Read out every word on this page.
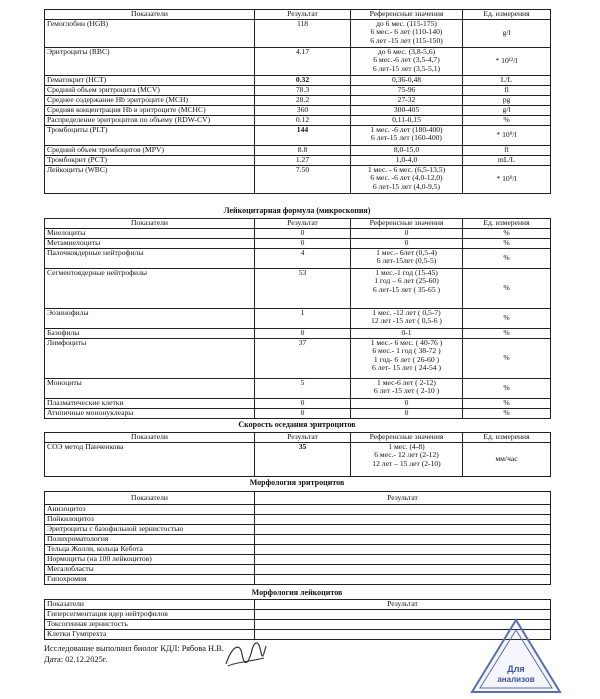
Показатели	Результат	Референсные значения	Ед. измерения
Гемоглобин (HGB)	118	до 6 мес. (115-175)
6 мес.- 6 лет (110-140)
6 лет -15 лет (115-150)	g/l
Эритроциты (RBC)	4.17	до 6 мес. (3,8-5,6)
6 мес.-6 лет (3,5-4,7)
6 лет-15 лет (3,5-5,1)	* 10¹²/l
Гематокрит (HCT)	0.32	0,36-0,48	L/L
Средний объем эритроцита (MCV)	78.3	75-96	fl
Среднее содержание Hb эритроците (MCH)	28.2	27-32	pg
Средняя концентрация Hb в эритроците (MCHC)	360	300-405	g/l
Распределение эритроцитов по объему (RDW-CV)	0.12	0,11-0,15	%
Тромбоциты (PLT)	144	1 мес. -6 лет (180-400)
6 лет-15 лет (160-400)	* 10⁹/l
Средний объем тромбоцитов (MPV)	8.8	8,0-15,0	fl
Тромбокрит (PCT)	1.27	1,0-4,0	mL/L
Лейкоциты (WBC)	7.50	1 мес. - 6 мес. (6,5-13,5)
6 мес. -6 лет (4,0-12,0)
6 лет-15 лет (4,0-9,5)	* 10⁹/l
Лейкоцитарная формула (микроскопия)
Показатели	Результат	Референсные значения	Ед. измерения
Миелоциты	0	0	%
Метамиелоциты	0	0	%
Палочкоядерные нейтрофилы	4	1 мес.- 6лет (0,5-4)
6 лет-15лет (0,5-5)	%
Сегментоядерные нейтрофилы	53	1 мес.-1 год (15-45)
1 год – 6 лет (25-60)
6 лет-15 лет ( 35-65 )	%
Эозинофилы	1	1 мес. -12 лет ( 0,5-7)
12 лет -15 лет ( 0,5-6 )	%
Базофилы	0	0-1	%
Лимфоциты	37	1 мес.- 6 мес. ( 40-76 )
6 мес.- 1 год ( 38-72 )
1 год- 6 лет ( 26-60 )
6 лет- 15 лет ( 24-54 )	%
Моноциты	5	1 мес-6 лет ( 2-12)
6 лет -15 лет ( 2-10 )	%
Плазматические клетки	0	0	%
Атипичные мононуклеары	0	0	%
Скорость оседания эритроцитов
Показатели	Результат	Референсные значения	Ед. измерения
СОЭ метод Панченкова	35	1 мес. (4-8)
6 мес.- 12 лет (2-12)
12 лет – 15 лет (2-10)	мм/час
Морфология эритроцитов
Показатели	Результат
Анизоцитоз	
Пойкилоцитоз	
Эритроциты с базофильной зернистостью	
Полихроматология	
Тельца Жолли, кольца Кебота	
Нормоциты (на 100 лейкоцитов)	
Мегалобласты	
Гипохромия	
Морфология лейкоцитов
Показатели	Результат
Гиперсегментация ядер нейтрофилов	
Токсогенная зернистость	
Клетки Гумпрехта	
Исследование выполнил биолог КДЛ: Рябова Н.В.
Дата: 02.12.2025г.
Для
анализов
